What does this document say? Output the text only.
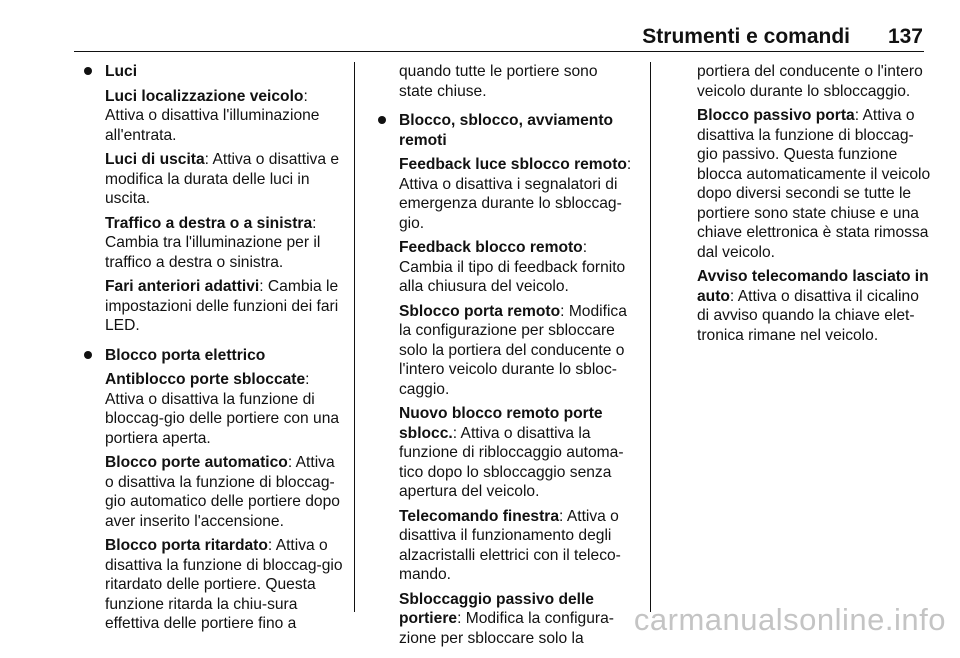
Strumenti e comandi 137
Luci
Luci localizzazione veicolo: Attiva o disattiva l'illuminazione all'entrata.
Luci di uscita: Attiva o disattiva e modifica la durata delle luci in uscita.
Traffico a destra o a sinistra: Cambia tra l'illuminazione per il traffico a destra o sinistra.
Fari anteriori adattivi: Cambia le impostazioni delle funzioni dei fari LED.
Blocco porta elettrico
Antiblocco porte sbloccate: Attiva o disattiva la funzione di bloccag-gio delle portiere con una portiera aperta.
Blocco porte automatico: Attiva o disattiva la funzione di bloccag-gio automatico delle portiere dopo aver inserito l'accensione.
Blocco porta ritardato: Attiva o disattiva la funzione di bloccag-gio ritardato delle portiere. Questa funzione ritarda la chiu-sura effettiva delle portiere fino a
quando tutte le portiere sono state chiuse.
Blocco, sblocco, avviamento remoti
Feedback luce sblocco remoto: Attiva o disattiva i segnalatori di emergenza durante lo sbloccag-gio.
Feedback blocco remoto: Cambia il tipo di feedback fornito alla chiusura del veicolo.
Sblocco porta remoto: Modifica la configurazione per sbloccare solo la portiera del conducente o l'intero veicolo durante lo sbloc-caggio.
Nuovo blocco remoto porte sblocc.: Attiva o disattiva la funzione di ribloccaggio automa-tico dopo lo sbloccaggio senza apertura del veicolo.
Telecomando finestra: Attiva o disattiva il funzionamento degli alzacristalli elettrici con il teleco-mando.
Sbloccaggio passivo delle portiere: Modifica la configura-zione per sbloccare solo la
portiera del conducente o l'intero veicolo durante lo sbloccaggio.
Blocco passivo porta: Attiva o disattiva la funzione di bloccag-gio passivo. Questa funzione blocca automaticamente il veicolo dopo diversi secondi se tutte le portiere sono state chiuse e una chiave elettronica è stata rimossa dal veicolo.
Avviso telecomando lasciato in auto: Attiva o disattiva il cicalino di avviso quando la chiave elet-tronica rimane nel veicolo.
carmanualsonline.info
